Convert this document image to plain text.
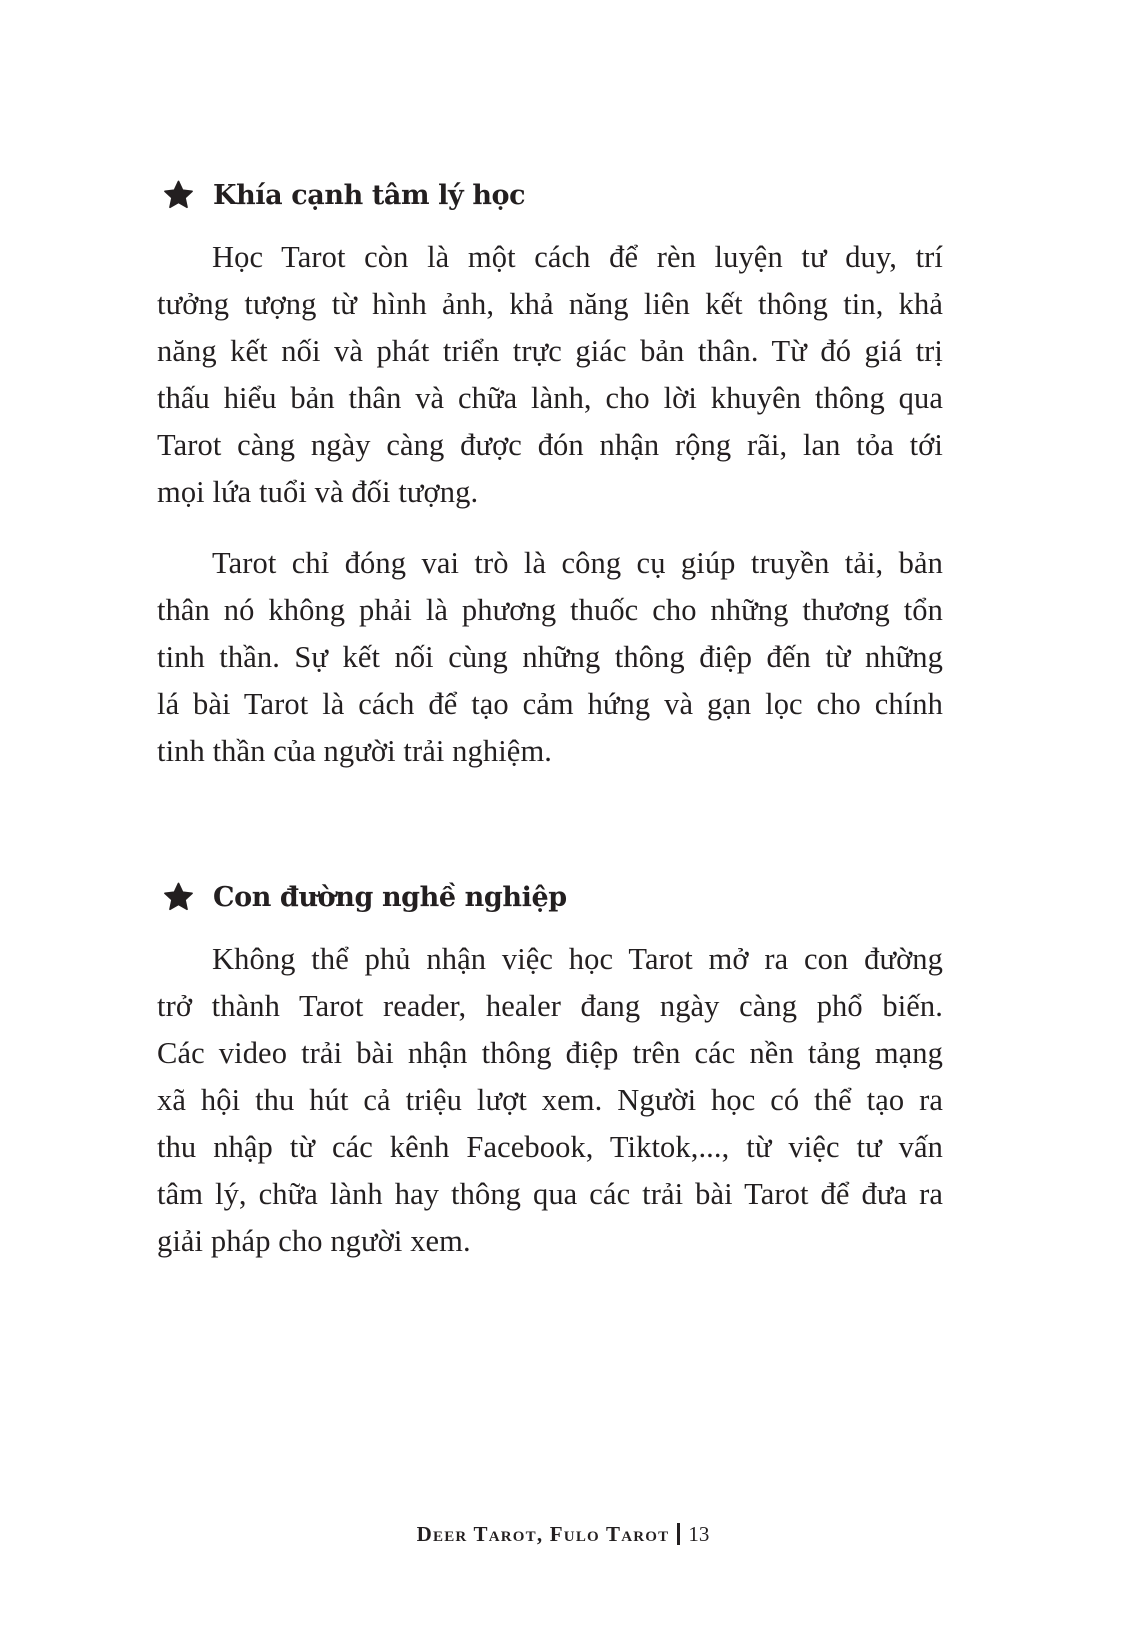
Khía cạnh tâm lý học

Học Tarot còn là một cách để rèn luyện tư duy, trí
tưởng tượng từ hình ảnh, khả năng liên kết thông tin, khả
năng kết nối và phát triển trực giác bản thân. Từ đó giá trị
thấu hiểu bản thân và chữa lành, cho lời khuyên thông qua
Tarot càng ngày càng được đón nhận rộng rãi, lan tỏa tới
mọi lứa tuổi và đối tượng.

Tarot chỉ đóng vai trò là công cụ giúp truyền tải, bản
thân nó không phải là phương thuốc cho những thương tổn
tinh thần. Sự kết nối cùng những thông điệp đến từ những
lá bài Tarot là cách để tạo cảm hứng và gạn lọc cho chính
tinh thần của người trải nghiệm.

Con đường nghề nghiệp

Không thể phủ nhận việc học Tarot mở ra con đường
trở thành Tarot reader, healer đang ngày càng phổ biến.
Các video trải bài nhận thông điệp trên các nền tảng mạng
xã hội thu hút cả triệu lượt xem. Người học có thể tạo ra
thu nhập từ các kênh Facebook, Tiktok,..., từ việc tư vấn
tâm lý, chữa lành hay thông qua các trải bài Tarot để đưa ra
giải pháp cho người xem.

Deer Tarot, Fulo Tarot 13
